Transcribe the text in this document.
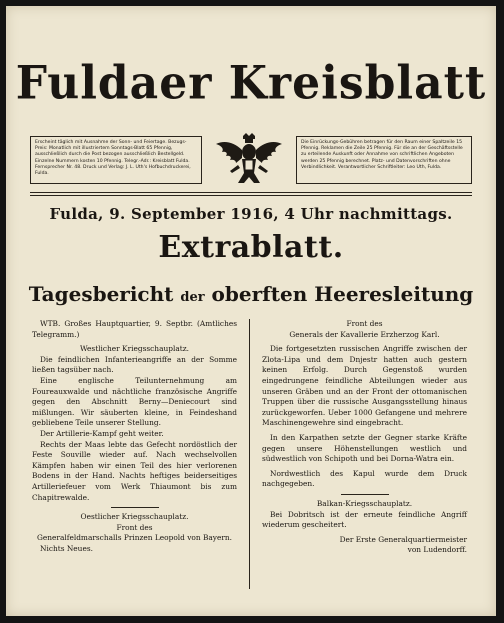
Fuldaer Kreisblatt
Erscheint täglich mit Ausnahme der Sonn- und Feiertage. Bezugs-Preis: Monatlich mit illustriertem Sonntags-Blatt 65 Pfennig, ausschließlich durch die Post bezogen ausschließlich Bestellgeld. Einzelne Nummern kosten 10 Pfennig. Telegr.-Adr.: Kreisblatt Fulda. Fernsprecher Nr. 48. Druck und Verlag: J. L. Uth's Hofbuchdruckerei, Fulda.
Die Einrückungs-Gebühren betragen für den Raum einer Spaltzeile 15 Pfennig. Reklamen die Zeile 25 Pfennig. Für die an der Geschäftsstelle zu erteilende Auskunft oder Annahme von schriftlichen Angeboten werden 25 Pfennig berechnet. Platz- und Datenvorschriften ohne Verbindlichkeit. Verantwortlicher Schriftleiter: Leo Uth, Fulda.
Fulda, 9. September 1916, 4 Uhr nachmittags.
Extrablatt.
Tagesbericht der oberften Heeresleitung

WTB. Großes Hauptquartier, 9. Septbr. (Amtliches Telegramm.)

Westlicher Kriegsschauplatz.

Die feindlichen Infanterieangriffe an der Somme ließen tagsüber nach.

Eine englische Teilunternehmung am Foureauxwalde und nächtliche französische Angriffe gegen den Abschnitt Berny—Deniecourt sind mißlungen. Wir säuberten kleine, in Feindeshand gebliebene Teile unserer Stellung.

Der Artillerie-Kampf geht weiter.

Rechts der Maas lebte das Gefecht nordöstlich der Feste Souville wieder auf. Nach wechselvollen Kämpfen haben wir einen Teil des hier verlorenen Bodens in der Hand. Nachts heftiges beiderseitiges Artilleriefeuer vom Werk Thiaumont bis zum Chapitrewalde.

Oestlicher Kriegsschauplatz.

Front des

Generalfeldmarschalls Prinzen Leopold von Bayern.

Nichts Neues.

Front des

Generals der Kavallerie Erzherzog Karl.

Die fortgesetzten russischen Angriffe zwischen der Zlota-Lipa und dem Dnjestr hatten auch gestern keinen Erfolg. Durch Gegenstoß wurden eingedrungene feindliche Abteilungen wieder aus unseren Gräben und an der Front der ottomanischen Truppen über die russische Ausgangsstellung hinaus zurückgeworfen. Ueber 1000 Gefangene und mehrere Maschinengewehre sind eingebracht.

In den Karpathen setzte der Gegner starke Kräfte gegen unsere Höhenstellungen westlich und südwestlich von Schipoth und bei Dorna-Watra ein.

Nordwestlich des Kapul wurde dem Druck nachgegeben.

Balkan-Kriegsschauplatz.

Bei Dobritsch ist der erneute feindliche Angriff wiederum gescheitert.

Der Erste Generalquartiermeister

von Ludendorff.
